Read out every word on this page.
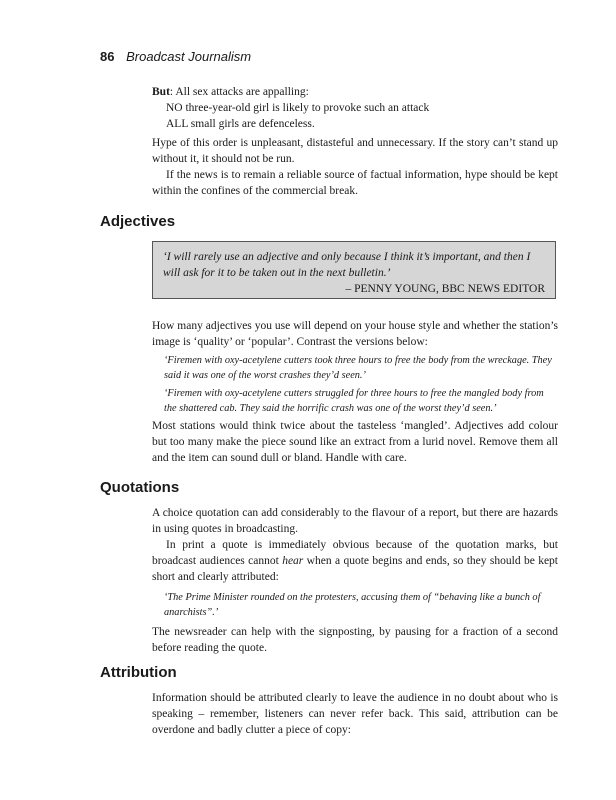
86 Broadcast Journalism

But: All sex attacks are appalling:

NO three-year-old girl is likely to provoke such an attack

ALL small girls are defenceless.

Hype of this order is unpleasant, distasteful and unnecessary. If the story can’t stand up without it, it should not be run.

If the news is to remain a reliable source of factual information, hype should be kept within the confines of the commercial break.

Adjectives
‘I will rarely use an adjective and only because I think it’s important, and then I will ask for it to be taken out in the next bulletin.’
– PENNY YOUNG, BBC NEWS EDITOR

How many adjectives you use will depend on your house style and whether the station’s image is ‘quality’ or ‘popular’. Contrast the versions below:

‘Firemen with oxy-acetylene cutters took three hours to free the body from the wreckage. They said it was one of the worst crashes they’d seen.’

‘Firemen with oxy-acetylene cutters struggled for three hours to free the mangled body from the shattered cab. They said the horrific crash was one of the worst they’d seen.’

Most stations would think twice about the tasteless ‘mangled’. Adjectives add colour but too many make the piece sound like an extract from a lurid novel. Remove them all and the item can sound dull or bland. Handle with care.

Quotations

A choice quotation can add considerably to the flavour of a report, but there are hazards in using quotes in broadcasting.

In print a quote is immediately obvious because of the quotation marks, but broadcast audiences cannot hear when a quote begins and ends, so they should be kept short and clearly attributed:

‘The Prime Minister rounded on the protesters, accusing them of “behaving like a bunch of anarchists”.’

The newsreader can help with the signposting, by pausing for a fraction of a second before reading the quote.

Attribution

Information should be attributed clearly to leave the audience in no doubt about who is speaking – remember, listeners can never refer back. This said, attribution can be overdone and badly clutter a piece of copy:
